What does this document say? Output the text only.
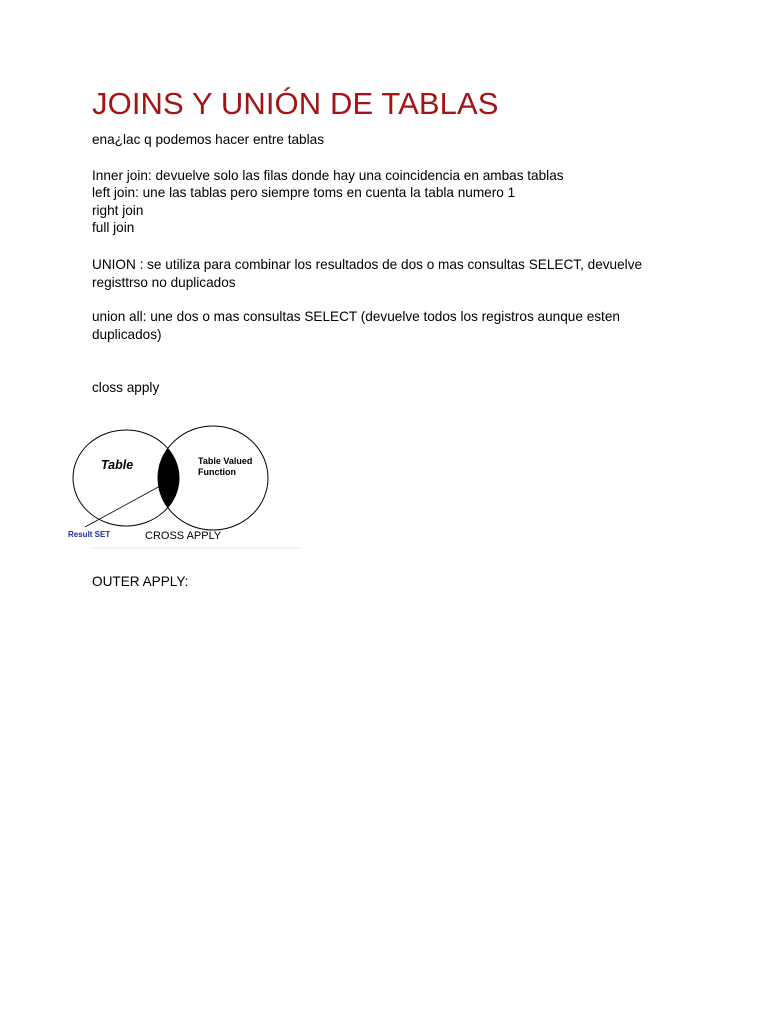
JOINS Y UNIÓN DE TABLAS
ena¿lac q podemos hacer entre tablas
Inner join: devuelve solo las filas donde hay una coincidencia en ambas tablas
left join: une las tablas pero siempre toms en cuenta la tabla numero 1
right join
full join
UNION : se utiliza para combinar los resultados de dos o mas consultas SELECT, devuelve registtrso no duplicados
union all: une dos o mas consultas SELECT (devuelve todos los registros aunque esten duplicados)
closs apply
Table	Table Valued
Function
Result SET	CROSS APPLY
OUTER APPLY:
